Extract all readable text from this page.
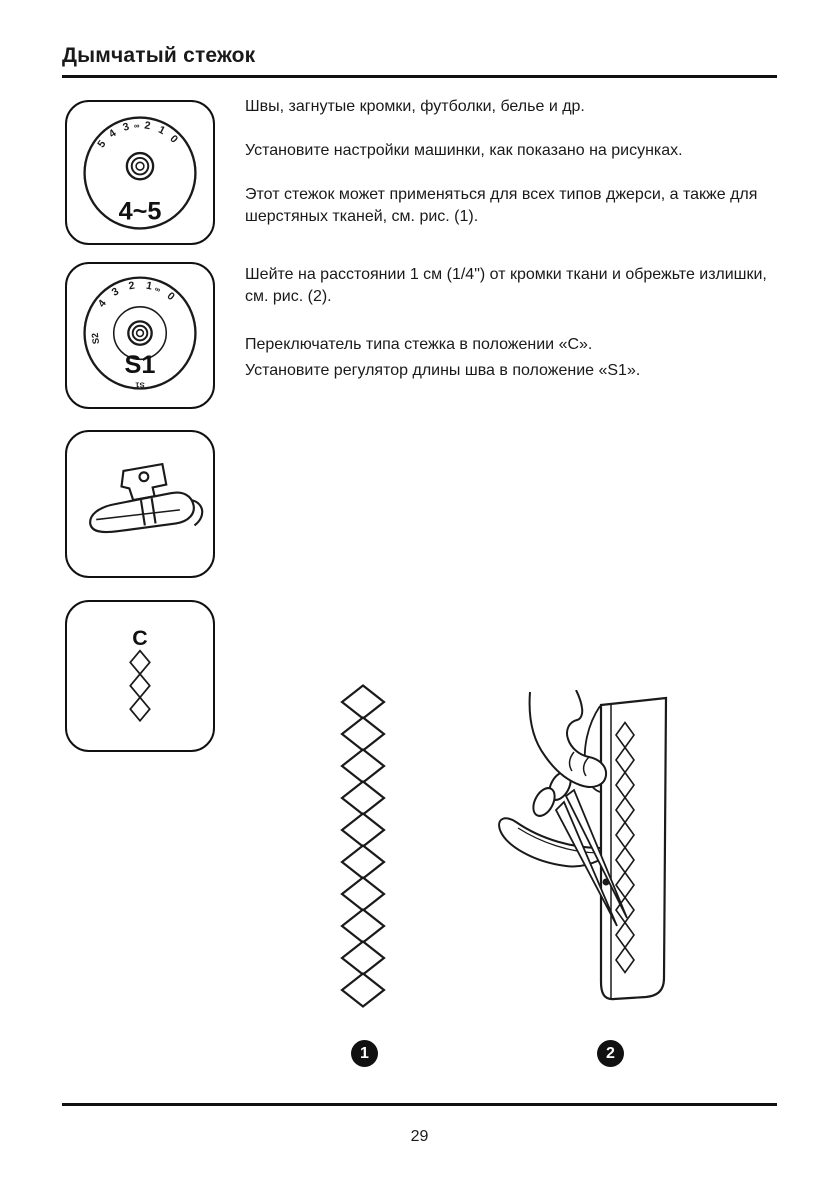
Дымчатый стежок
5
4 3 ∞ 2 1
0
4~5
4
3 2 1 ∞
0
S2
S1
S1
C
Швы, загнутые кромки, футболки, белье и др.
Установите настройки машинки, как показано на рисунках.
Этот стежок может применяться для всех типов джерси, а также для шерстяных тканей, см. рис. (1).
Шейте на расстоянии 1 см (1/4") от кромки ткани и обрежьте излишки, см. рис. (2).
Переключатель типа стежка в положении «С».
Установите регулятор длины шва в положение «S1».
1	2
29
